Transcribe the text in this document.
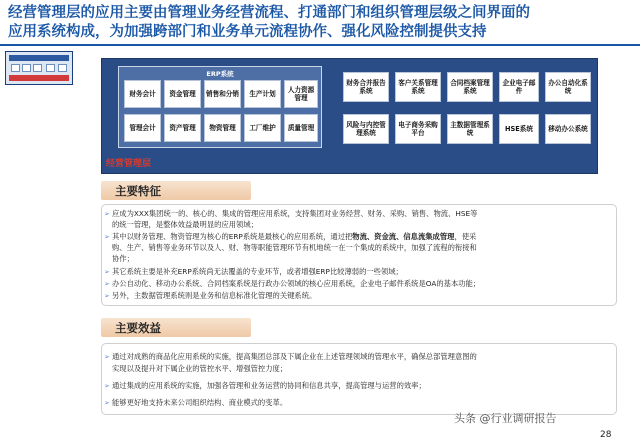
经营管理层的应用主要由管理业务经营流程、打通部门和组织管理层级之间界面的
应用系统构成，为加强跨部门和业务单元流程协作、强化风险控制提供支持
ERP系统
财务会计	资金管理	销售和分销	生产计划
人力资源管理
管理会计	资产管理	物资管理	工厂维护	质量管理
财务合并报告系统
客户关系管理系统
合同档案管理系统
企业电子邮件
办公自动化系统
风险与内控管理系统
电子商务采购平台
主数据管理系统
HSE系统	移动办公系统
经营管理层
主要特征
➢ 应成为XXX集团统一的、核心的、集成的管理应用系统，支持集团对业务经营、财务、采购、销售、物流、HSE等
的统一管理，是整体效益最明显的应用领域；
➢ 其中以财务管理、物资管理为核心的ERP系统是最核心的应用系统，通过把物流、资金流、信息流集成管理，使采
购、生产、销售等业务环节以及人、财、物等职能管理环节有机地统一在一个集成的系统中，加强了流程的衔接和
协作；
➢ 其它系统主要是补充ERP系统尚无法覆盖的专业环节，或者增强ERP比较薄弱的一些领域；
➢ 办公自动化、移动办公系统、合同档案系统是行政办公领域的核心应用系统，企业电子邮件系统是OA的基本功能；
➢ 另外，主数据管理系统则是业务和信息标准化管理的关键系统。
主要效益
➢ 通过对成熟的商品化应用系统的实施，提高集团总部及下属企业在上述管理领域的管理水平，确保总部管理意图的
实现以及提升对下属企业的管控水平、增强管控力度；
➢ 通过集成的应用系统的实施，加强各管理和业务运营的协同和信息共享，提高管理与运营的效率；
➢ 能够更好地支持未来公司组织结构、商业模式的变革。
头条 @行业调研报告
28
